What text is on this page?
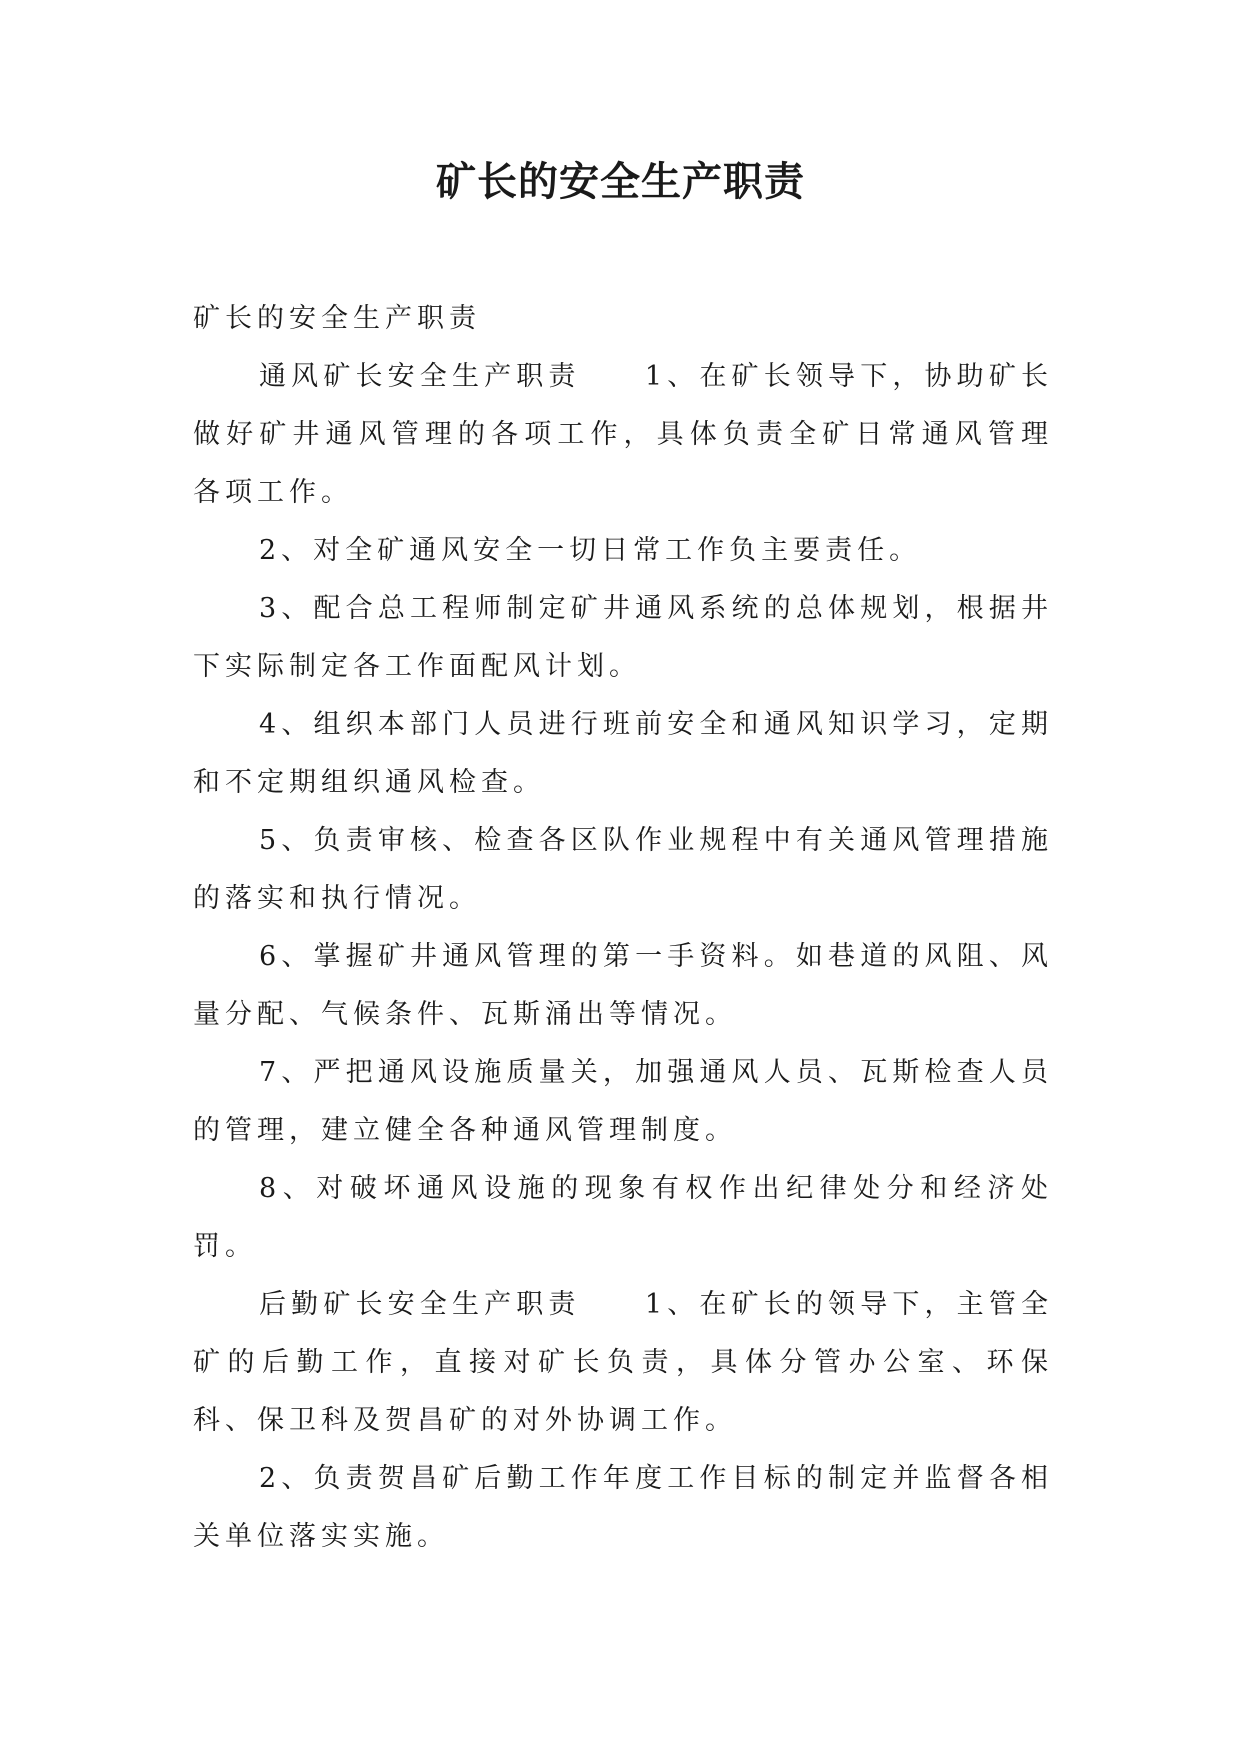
矿长的安全生产职责

矿长的安全生产职责

通风矿长安全生产职责　　1、在矿长领导下，协助矿长做好矿井通风管理的各项工作，具体负责全矿日常通风管理各项工作。

2、对全矿通风安全一切日常工作负主要责任。

3、配合总工程师制定矿井通风系统的总体规划，根据井下实际制定各工作面配风计划。

4、组织本部门人员进行班前安全和通风知识学习，定期和不定期组织通风检查。

5、负责审核、检查各区队作业规程中有关通风管理措施的落实和执行情况。

6、掌握矿井通风管理的第一手资料。如巷道的风阻、风量分配、气候条件、瓦斯涌出等情况。

7、严把通风设施质量关，加强通风人员、瓦斯检查人员的管理，建立健全各种通风管理制度。

8、对破坏通风设施的现象有权作出纪律处分和经济处罚。

后勤矿长安全生产职责　　1、在矿长的领导下，主管全矿的后勤工作，直接对矿长负责，具体分管办公室、环保科、保卫科及贺昌矿的对外协调工作。

2、负责贺昌矿后勤工作年度工作目标的制定并监督各相关单位落实实施。
